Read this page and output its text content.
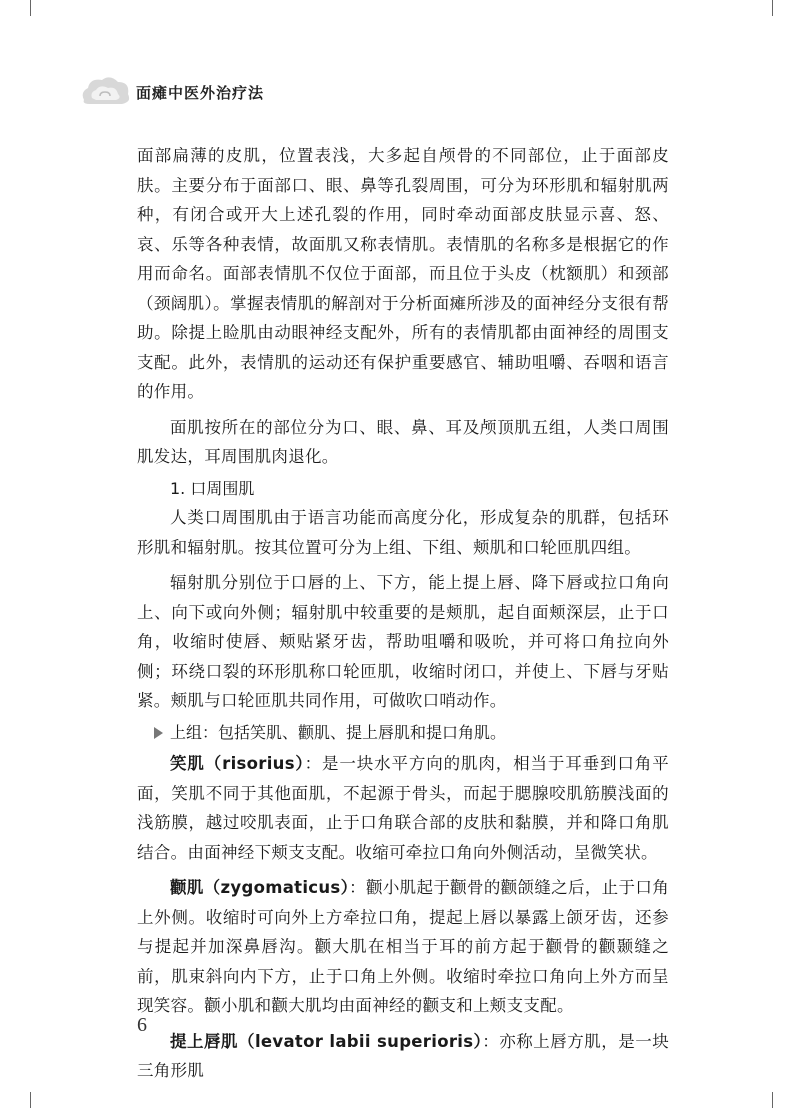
面瘫中医外治疗法

面部扁薄的皮肌，位置表浅，大多起自颅骨的不同部位，止于面部皮肤。主要分布于面部口、眼、鼻等孔裂周围，可分为环形肌和辐射肌两种，有闭合或开大上述孔裂的作用，同时牵动面部皮肤显示喜、怒、哀、乐等各种表情，故面肌又称表情肌。表情肌的名称多是根据它的作用而命名。面部表情肌不仅位于面部，而且位于头皮（枕额肌）和颈部（颈阔肌）。掌握表情肌的解剖对于分析面瘫所涉及的面神经分支很有帮助。除提上睑肌由动眼神经支配外，所有的表情肌都由面神经的周围支支配。此外，表情肌的运动还有保护重要感官、辅助咀嚼、吞咽和语言的作用。

面肌按所在的部位分为口、眼、鼻、耳及颅顶肌五组，人类口周围肌发达，耳周围肌肉退化。

1. 口周围肌

人类口周围肌由于语言功能而高度分化，形成复杂的肌群，包括环形肌和辐射肌。按其位置可分为上组、下组、颊肌和口轮匝肌四组。

辐射肌分别位于口唇的上、下方，能上提上唇、降下唇或拉口角向上、向下或向外侧；辐射肌中较重要的是颊肌，起自面颊深层，止于口角，收缩时使唇、颊贴紧牙齿，帮助咀嚼和吸吮，并可将口角拉向外侧；环绕口裂的环形肌称口轮匝肌，收缩时闭口，并使上、下唇与牙贴紧。颊肌与口轮匝肌共同作用，可做吹口哨动作。

上组：包括笑肌、颧肌、提上唇肌和提口角肌。

笑肌（risorius）：是一块水平方向的肌肉，相当于耳垂到口角平面，笑肌不同于其他面肌，不起源于骨头，而起于腮腺咬肌筋膜浅面的浅筋膜，越过咬肌表面，止于口角联合部的皮肤和黏膜，并和降口角肌结合。由面神经下颊支支配。收缩可牵拉口角向外侧活动，呈微笑状。

颧肌（zygomaticus）：颧小肌起于颧骨的颧颌缝之后，止于口角上外侧。收缩时可向外上方牵拉口角，提起上唇以暴露上颌牙齿，还参与提起并加深鼻唇沟。颧大肌在相当于耳的前方起于颧骨的颧颞缝之前，肌束斜向内下方，止于口角上外侧。收缩时牵拉口角向上外方而呈现笑容。颧小肌和颧大肌均由面神经的颧支和上颊支支配。

提上唇肌（levator labii superioris）：亦称上唇方肌，是一块三角形肌

6
